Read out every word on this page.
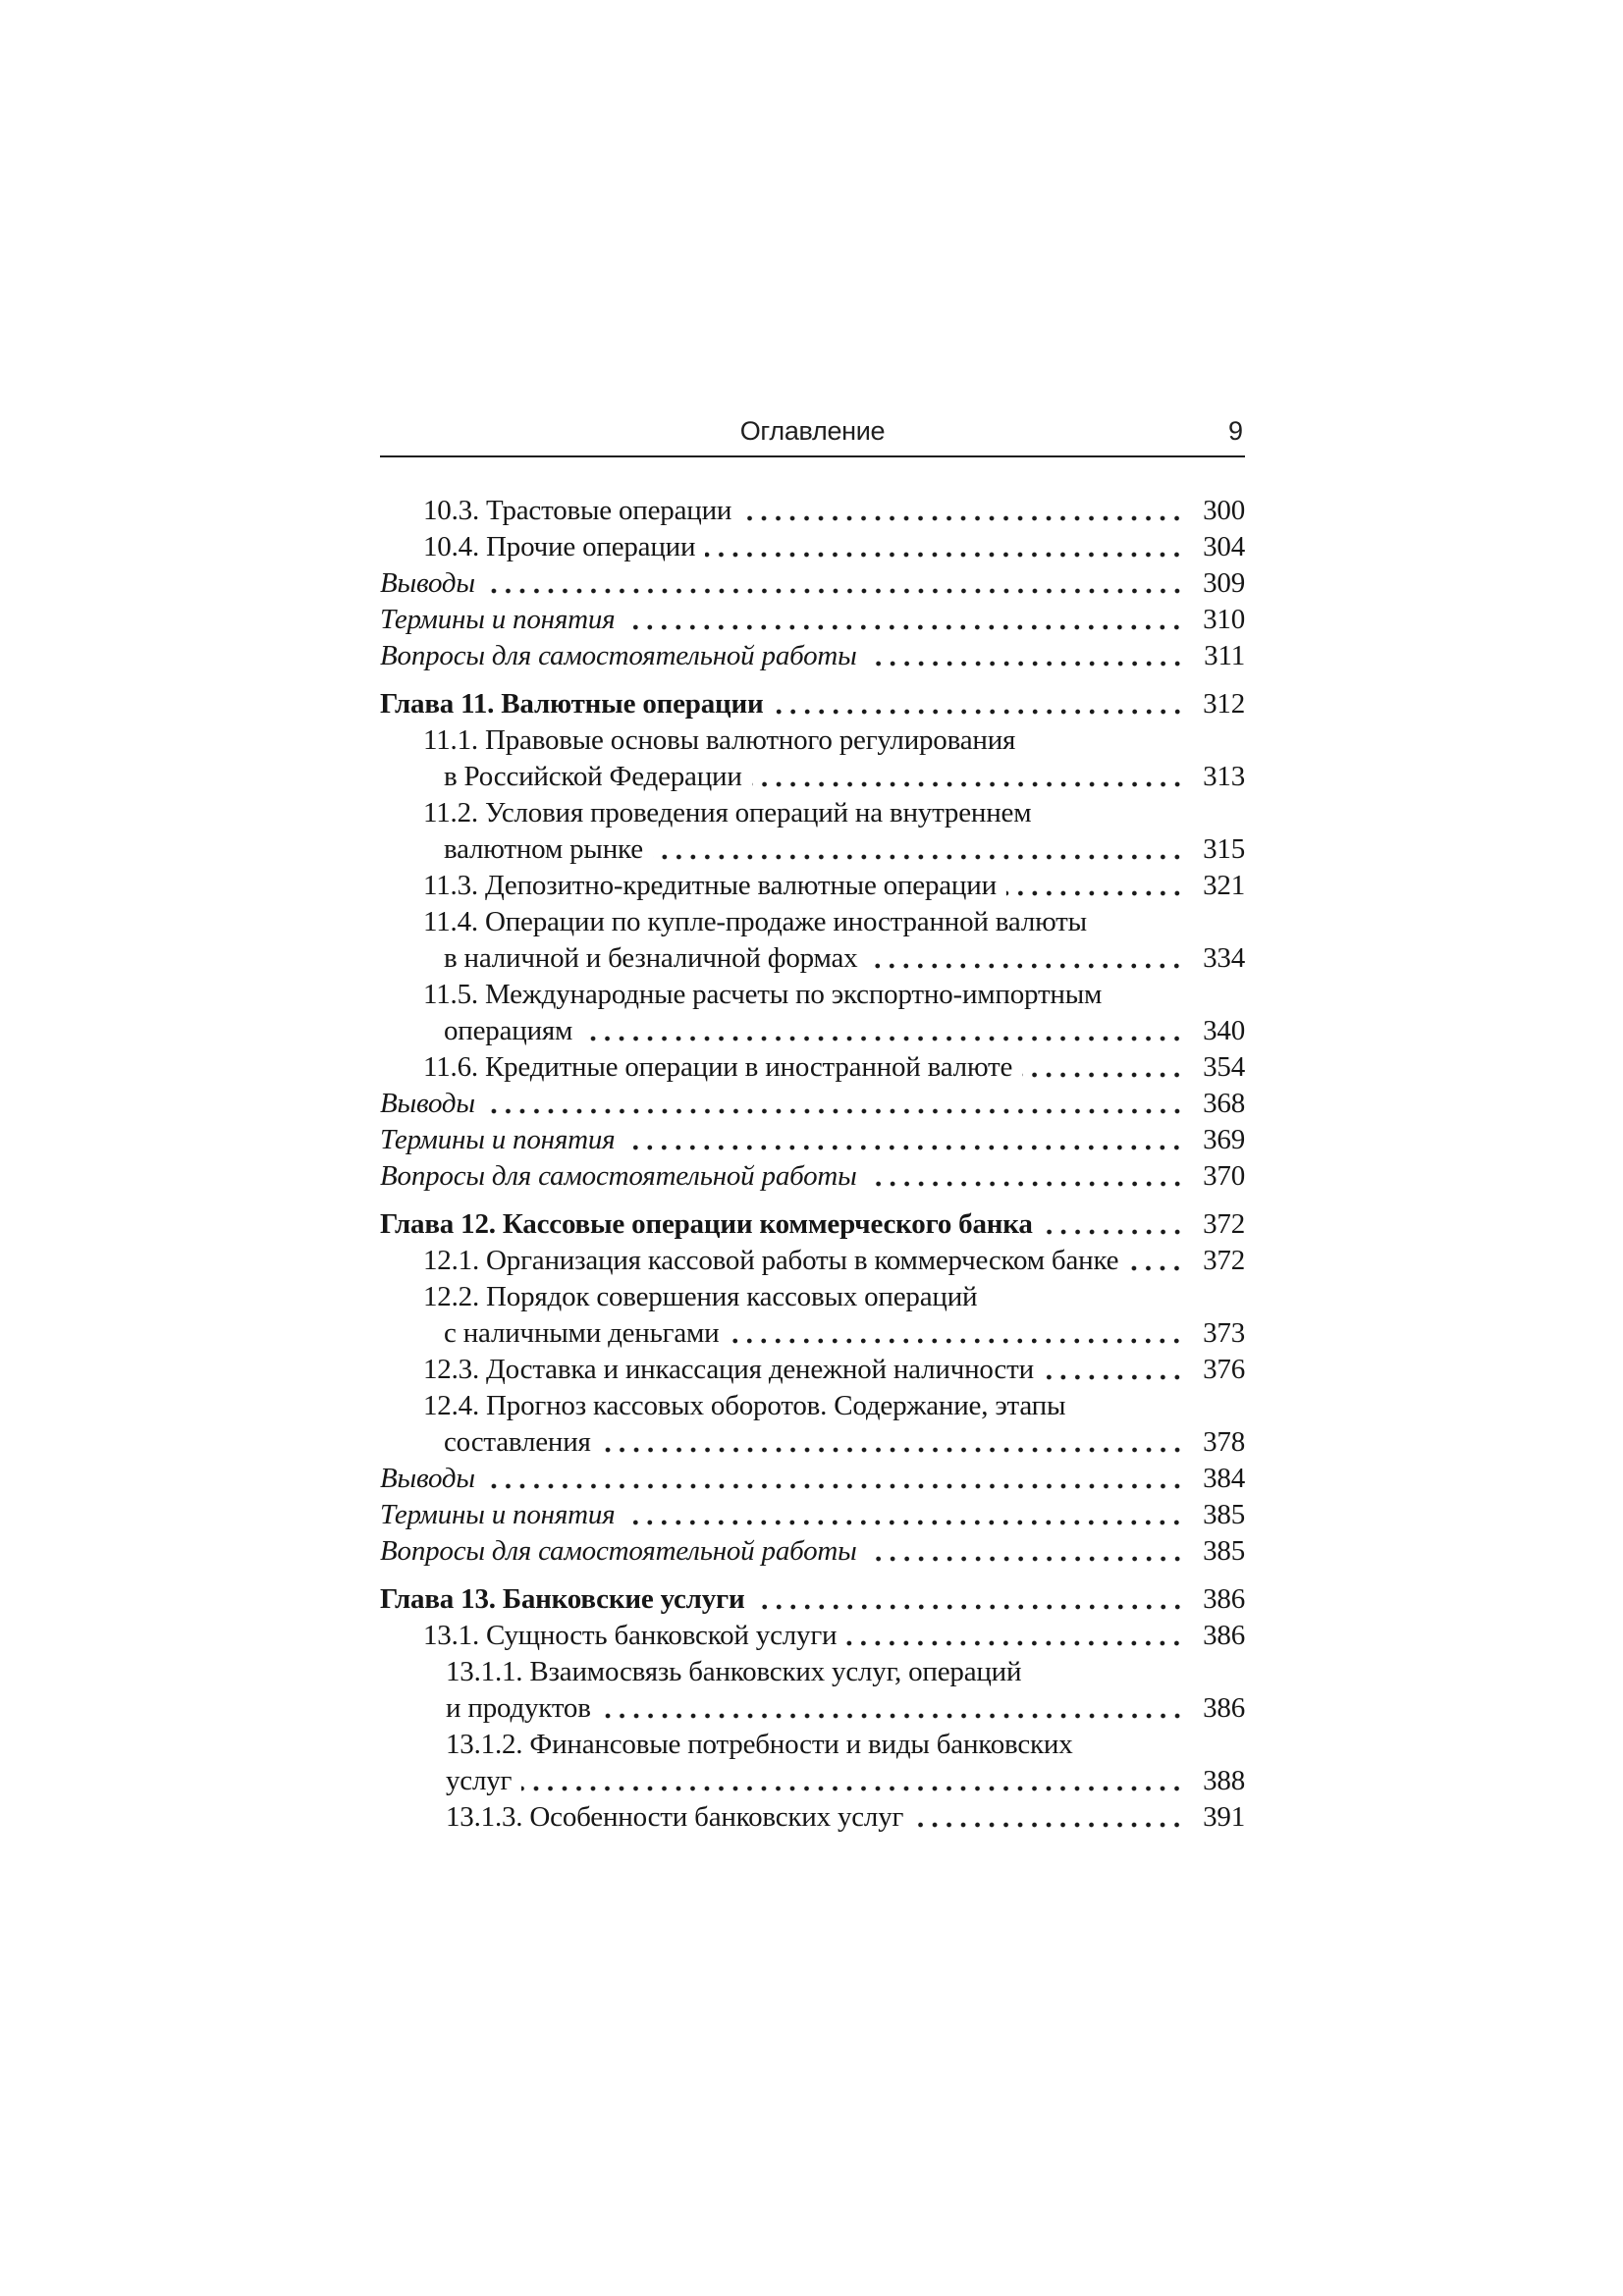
Оглавление	9
10.3. Трастовые операции	300
10.4. Прочие операции	304
Выводы	309
Термины и понятия	310
Вопросы для самостоятельной работы	311
Глава 11. Валютные операции	312
11.1. Правовые основы валютного регулирования
в Российской Федерации	313
11.2. Условия проведения операций на внутреннем
валютном рынке	315
11.3. Депозитно-кредитные валютные операции	321
11.4. Операции по купле-продаже иностранной валюты
в наличной и безналичной формах	334
11.5. Международные расчеты по экспортно-импортным
операциям	340
11.6. Кредитные операции в иностранной валюте	354
Выводы	368
Термины и понятия	369
Вопросы для самостоятельной работы	370
Глава 12. Кассовые операции коммерческого банка	372
12.1. Организация кассовой работы в коммерческом банке	372
12.2. Порядок совершения кассовых операций
с наличными деньгами	373
12.3. Доставка и инкассация денежной наличности	376
12.4. Прогноз кассовых оборотов. Содержание, этапы
составления	378
Выводы	384
Термины и понятия	385
Вопросы для самостоятельной работы	385
Глава 13. Банковские услуги	386
13.1. Сущность банковской услуги	386
13.1.1. Взаимосвязь банковских услуг, операций
и продуктов	386
13.1.2. Финансовые потребности и виды банковских
услуг	388
13.1.3. Особенности банковских услуг	391
